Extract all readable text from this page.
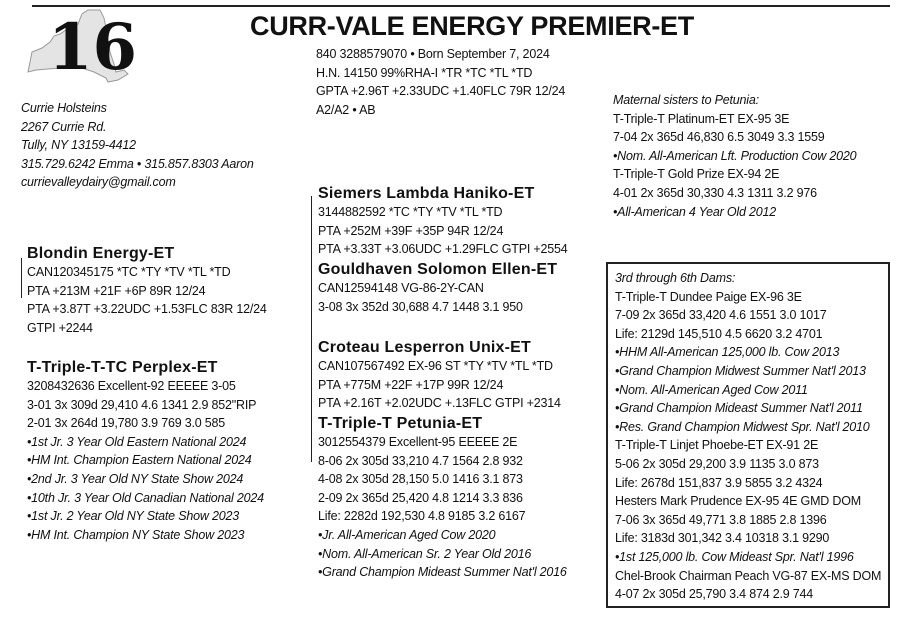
16	CURR-VALE ENERGY PREMIER-ET
Currie Holsteins
2267 Currie Rd.
Tully, NY 13159-4412
315.729.6242 Emma • 315.857.8303 Aaron
currievalleydairy@gmail.com
840 3288579070 • Born September 7, 2024
H.N. 14150 99%RHA-I *TR *TC *TL *TD
GPTA +2.96T +2.33UDC +1.40FLC 79R 12/24
A2/A2 • AB
Siemers Lambda Haniko-ET
3144882592 *TC *TY *TV *TL *TD
PTA +252M +39F +35P 94R 12/24
PTA +3.33T +3.06UDC +1.29FLC GTPI +2554
Gouldhaven Solomon Ellen-ET
CAN12594148 VG-86-2Y-CAN
3-08 3x 352d 30,688 4.7 1448 3.1 950
Blondin Energy-ET
CAN120345175 *TC *TY *TV *TL *TD
PTA +213M +21F +6P 89R 12/24
PTA +3.87T +3.22UDC +1.53FLC 83R 12/24
GTPI +2244
T-Triple-T-TC Perplex-ET
3208432636 Excellent-92 EEEEE 3-05
3-01 3x 309d 29,410 4.6 1341 2.9 852"RIP
2-01 3x 264d 19,780 3.9 769 3.0 585
•1st Jr. 3 Year Old Eastern National 2024
•HM Int. Champion Eastern National 2024
•2nd Jr. 3 Year Old NY State Show 2024
•10th Jr. 3 Year Old Canadian National 2024
•1st Jr. 2 Year Old NY State Show 2023
•HM Int. Champion NY State Show 2023
Croteau Lesperron Unix-ET
CAN107567492 EX-96 ST *TY *TV *TL *TD
PTA +775M +22F +17P 99R 12/24
PTA +2.16T +2.02UDC +.13FLC GTPI +2314
T-Triple-T Petunia-ET
3012554379 Excellent-95 EEEEE 2E
8-06 2x 305d 33,210 4.7 1564 2.8 932
4-08 2x 305d 28,150 5.0 1416 3.1 873
2-09 2x 365d 25,420 4.8 1214 3.3 836
Life: 2282d 192,530 4.8 9185 3.2 6167
•Jr. All-American Aged Cow 2020
•Nom. All-American Sr. 2 Year Old 2016
•Grand Champion Mideast Summer Nat'l 2016
Maternal sisters to Petunia:
T-Triple-T Platinum-ET EX-95 3E
7-04 2x 365d 46,830 6.5 3049 3.3 1559
•Nom. All-American Lft. Production Cow 2020
T-Triple-T Gold Prize EX-94 2E
4-01 2x 365d 30,330 4.3 1311 3.2 976
•All-American 4 Year Old 2012
3rd through 6th Dams:
T-Triple-T Dundee Paige EX-96 3E
7-09 2x 365d 33,420 4.6 1551 3.0 1017
Life: 2129d 145,510 4.5 6620 3.2 4701
•HHM All-American 125,000 lb. Cow 2013
•Grand Champion Midwest Summer Nat'l 2013
•Nom. All-American Aged Cow 2011
•Grand Champion Mideast Summer Nat'l 2011
•Res. Grand Champion Midwest Spr. Nat'l 2010
T-Triple-T Linjet Phoebe-ET EX-91 2E
5-06 2x 305d 29,200 3.9 1135 3.0 873
Life: 2678d 151,837 3.9 5855 3.2 4324
Hesters Mark Prudence EX-95 4E GMD DOM
7-06 3x 365d 49,771 3.8 1885 2.8 1396
Life: 3183d 301,342 3.4 10318 3.1 9290
•1st 125,000 lb. Cow Mideast Spr. Nat'l 1996
Chel-Brook Chairman Peach VG-87 EX-MS DOM
4-07 2x 305d 25,790 3.4 874 2.9 744
